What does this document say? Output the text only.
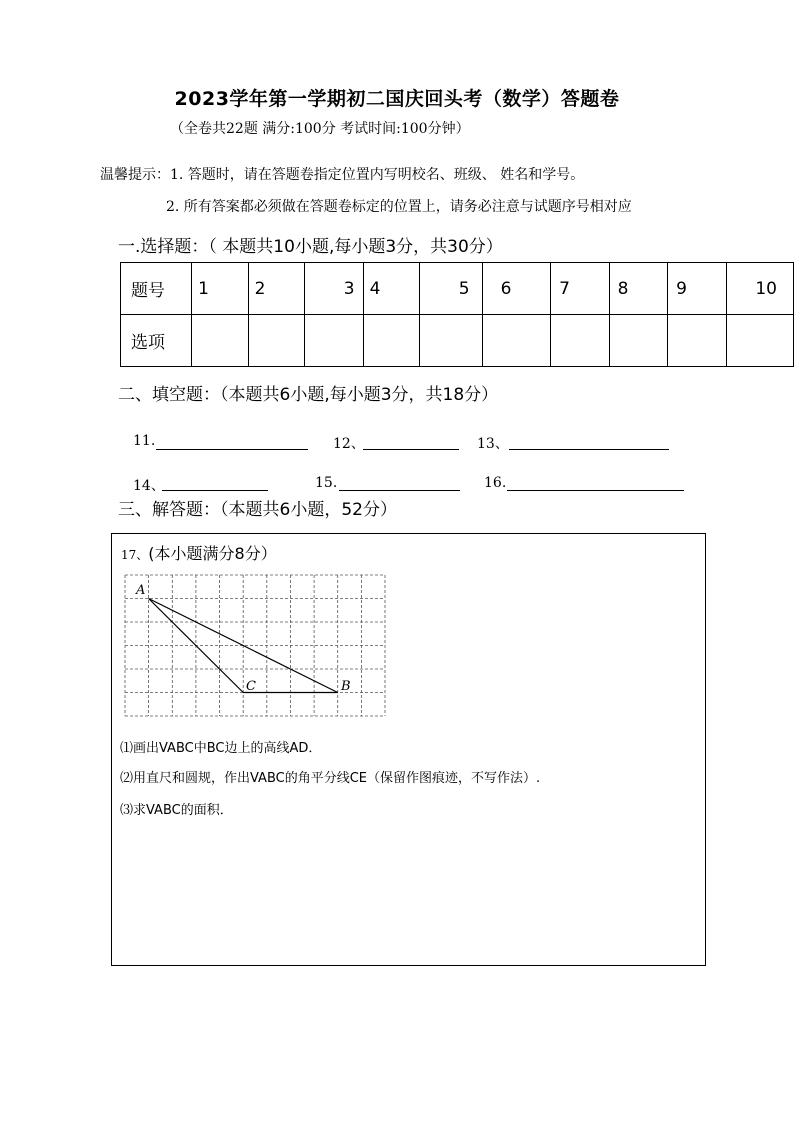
2023学年第一学期初二国庆回头考（数学）答题卷
（全卷共22题 满分:100分 考试时间:100分钟）
温馨提示：1. 答题时，请在答题卷指定位置内写明校名、班级、 姓名和学号。
2. 所有答案都必须做在答题卷标定的位置上，请务必注意与试题序号相对应
一.选择题：（ 本题共10小题,每小题3分，共30分）
题号	1	2	3	4	5	6	7	8	9	10
选项										
二、填空题：（本题共6小题,每小题3分，共18分）
11.	12、	13、
14、	15.	16.
三、解答题：（本题共6小题，52分）
17、(本小题满分8分）
A
C	B
⑴画出VABC中BC边上的高线AD．
⑵用直尺和圆规，作出VABC的角平分线CE（保留作图痕迹，不写作法）.
⑶求VABC的面积．
